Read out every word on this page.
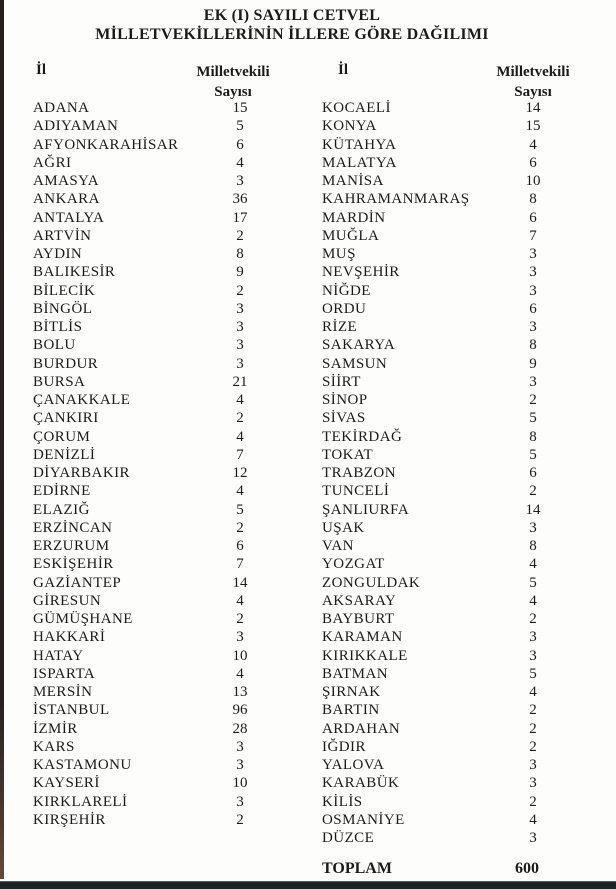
EK (I) SAYILI CETVEL
MİLLETVEKİLLERİNİN İLLERE GÖRE DAĞILIMI
İl	Milletvekili
Sayısı
İl	Milletvekili
Sayısı
ADANA	15
ADIYAMAN	5
AFYONKARAHİSAR	6
AĞRI	4
AMASYA	3
ANKARA	36
ANTALYA	17
ARTVİN	2
AYDIN	8
BALIKESİR	9
BİLECİK	2
BİNGÖL	3
BİTLİS	3
BOLU	3
BURDUR	3
BURSA	21
ÇANAKKALE	4
ÇANKIRI	2
ÇORUM	4
DENİZLİ	7
DİYARBAKIR	12
EDİRNE	4
ELAZIĞ	5
ERZİNCAN	2
ERZURUM	6
ESKİŞEHİR	7
GAZİANTEP	14
GİRESUN	4
GÜMÜŞHANE	2
HAKKARİ	3
HATAY	10
ISPARTA	4
MERSİN	13
İSTANBUL	96
İZMİR	28
KARS	3
KASTAMONU	3
KAYSERİ	10
KIRKLARELİ	3
KIRŞEHİR	2
KOCAELİ	14
KONYA	15
KÜTAHYA	4
MALATYA	6
MANİSA	10
KAHRAMANMARAŞ	8
MARDİN	6
MUĞLA	7
MUŞ	3
NEVŞEHİR	3
NİĞDE	3
ORDU	6
RİZE	3
SAKARYA	8
SAMSUN	9
SİİRT	3
SİNOP	2
SİVAS	5
TEKİRDAĞ	8
TOKAT	5
TRABZON	6
TUNCELİ	2
ŞANLIURFA	14
UŞAK	3
VAN	8
YOZGAT	4
ZONGULDAK	5
AKSARAY	4
BAYBURT	2
KARAMAN	3
KIRIKKALE	3
BATMAN	5
ŞIRNAK	4
BARTIN	2
ARDAHAN	2
IĞDIR	2
YALOVA	3
KARABÜK	3
KİLİS	2
OSMANİYE	4
DÜZCE	3
TOPLAM	600
